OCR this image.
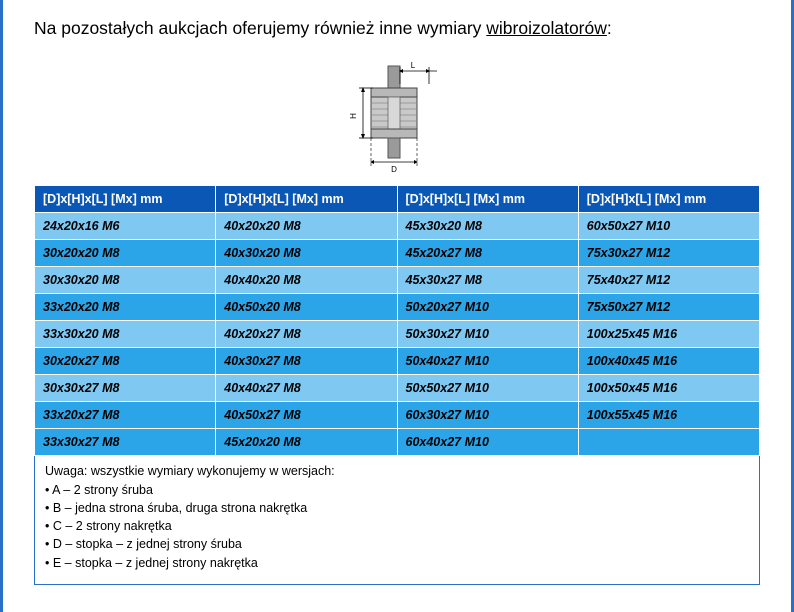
Na pozostałych aukcjach oferujemy również inne wymiary wibroizolatorów:
L
H
D
[D]x[H]x[L] [Mx] mm	[D]x[H]x[L] [Mx] mm	[D]x[H]x[L] [Mx] mm	[D]x[H]x[L] [Mx] mm
24x20x16 M6	40x20x20 M8	45x30x20 M8	60x50x27 M10
30x20x20 M8	40x30x20 M8	45x20x27 M8	75x30x27 M12
30x30x20 M8	40x40x20 M8	45x30x27 M8	75x40x27 M12
33x20x20 M8	40x50x20 M8	50x20x27 M10	75x50x27 M12
33x30x20 M8	40x20x27 M8	50x30x27 M10	100x25x45 M16
30x20x27 M8	40x30x27 M8	50x40x27 M10	100x40x45 M16
30x30x27 M8	40x40x27 M8	50x50x27 M10	100x50x45 M16
33x20x27 M8	40x50x27 M8	60x30x27 M10	100x55x45 M16
33x30x27 M8	45x20x20 M8	60x40x27 M10	

Uwaga: wszystkie wymiary wykonujemy w wersjach:

• A – 2 strony śruba
• B – jedna strona śruba, druga strona nakrętka
• C – 2 strony nakrętka
• D – stopka – z jednej strony śruba
• E – stopka – z jednej strony nakrętka
